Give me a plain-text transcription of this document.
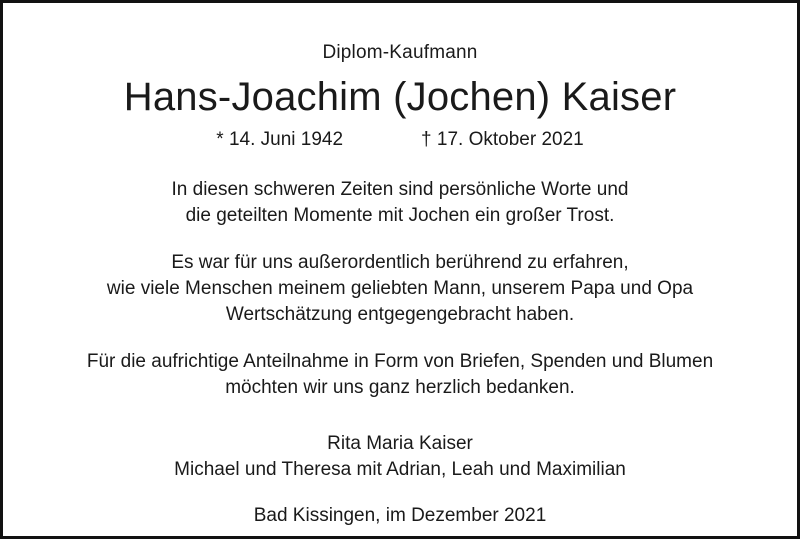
Diplom-Kaufmann
Hans-Joachim (Jochen) Kaiser
* 14. Juni 1942	† 17. Oktober 2021
In diesen schweren Zeiten sind persönliche Worte und
die geteilten Momente mit Jochen ein großer Trost.
Es war für uns außerordentlich berührend zu erfahren,
wie viele Menschen meinem geliebten Mann, unserem Papa und Opa
Wertschätzung entgegengebracht haben.
Für die aufrichtige Anteilnahme in Form von Briefen, Spenden und Blumen
möchten wir uns ganz herzlich bedanken.
Rita Maria Kaiser
Michael und Theresa mit Adrian, Leah und Maximilian
Bad Kissingen, im Dezember 2021
